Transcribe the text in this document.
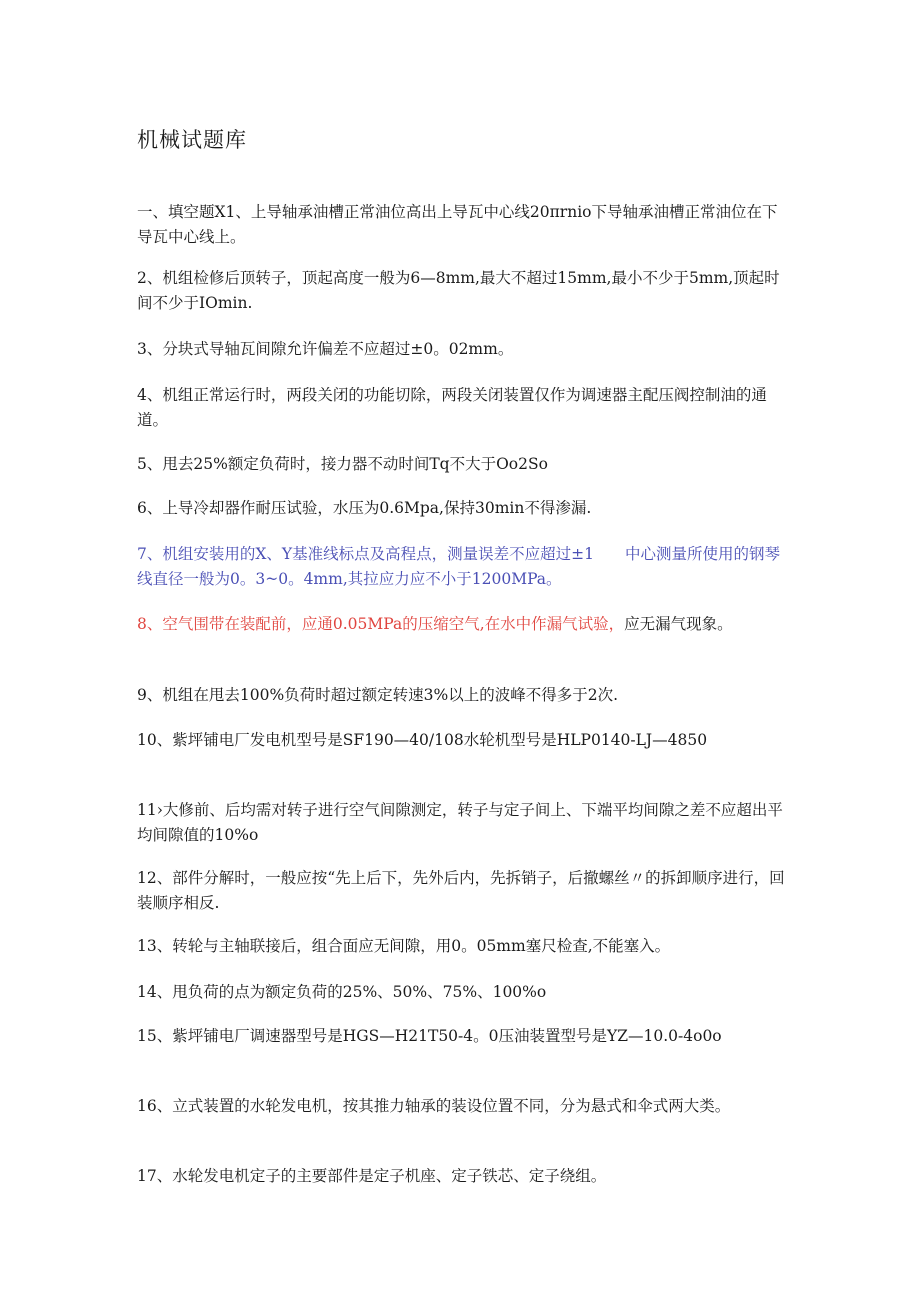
机械试题库

一、填空题X1、上导轴承油槽正常油位高出上导瓦中心线20πrnio下导轴承油槽正常油位在下导瓦中心线上。

2、机组检修后顶转子，顶起高度一般为6—8mm,最大不超过15mm,最小不少于5mm,顶起时间不少于IOmin.

3、分块式导轴瓦间隙允许偏差不应超过±0。02mm。

4、机组正常运行时，两段关闭的功能切除，两段关闭装置仅作为调速器主配压阀控制油的通道。

5、甩去25%额定负荷时，接力器不动时间Tq不大于Oo2So

6、上导冷却器作耐压试验，水压为0.6Mpa,保持30min不得渗漏.

7、机组安装用的X、Y基准线标点及高程点，测量误差不应超过±1　　中心测量所使用的钢琴线直径一般为0。3~0。4mm,其拉应力应不小于1200MPa。

8、空气围带在装配前，应通0.05MPa的压缩空气,在水中作漏气试验，应无漏气现象。

9、机组在甩去100%负荷时超过额定转速3%以上的波峰不得多于2次.

10、紫坪铺电厂发电机型号是SF190—40/108水轮机型号是HLP0140-LJ—4850

11›大修前、后均需对转子进行空气间隙测定，转子与定子间上、下端平均间隙之差不应超出平均间隙值的10%o

12、部件分解时，一般应按“先上后下，先外后内，先拆销子，后撤螺丝〃的拆卸顺序进行，回装顺序相反.

13、转轮与主轴联接后，组合面应无间隙，用0。05mm塞尺检查,不能塞入。

14、甩负荷的点为额定负荷的25%、50%、75%、100%o

15、紫坪铺电厂调速器型号是HGS—H21T50-4。0压油装置型号是YZ—10.0-4o0o

16、立式装置的水轮发电机，按其推力轴承的装设位置不同，分为悬式和伞式两大类。

17、水轮发电机定子的主要部件是定子机座、定子铁芯、定子绕组。
